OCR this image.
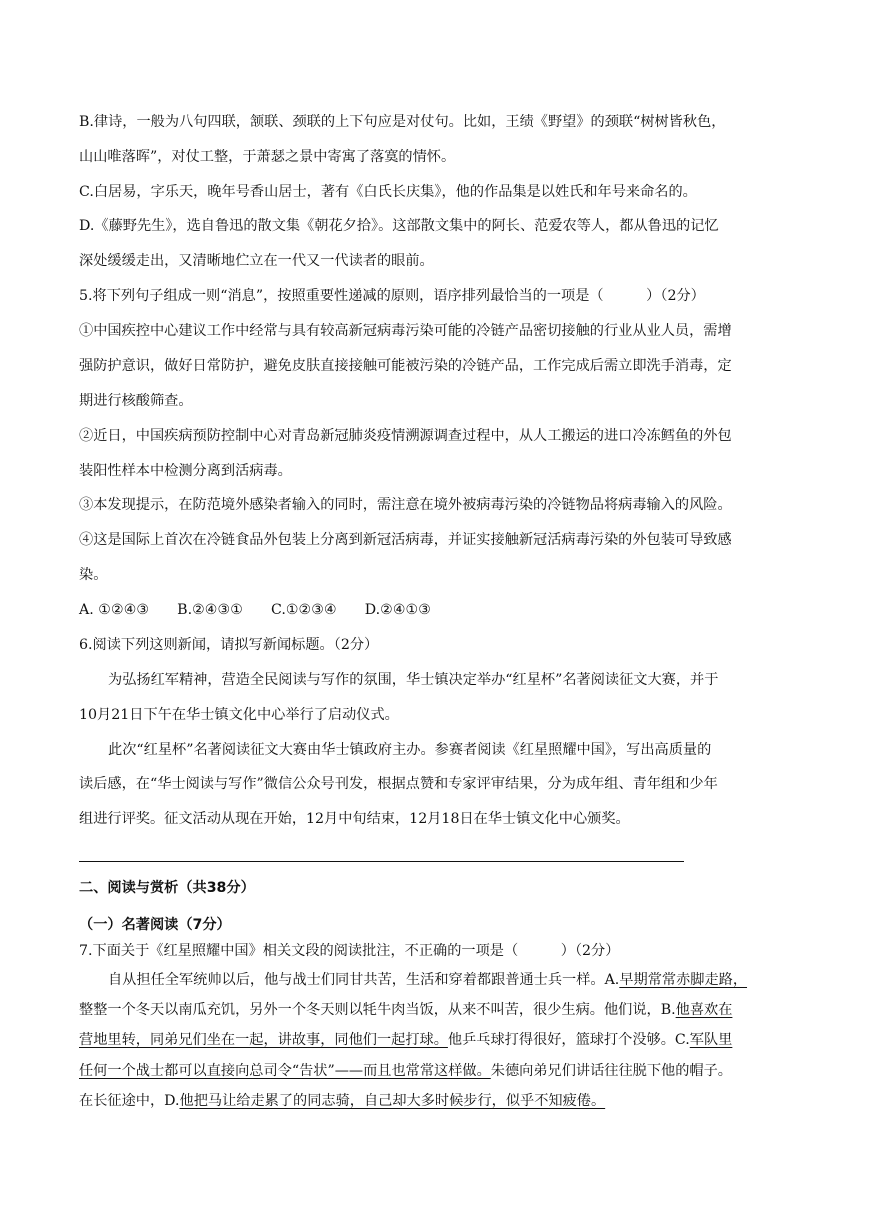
B.律诗，一般为八句四联，颔联、颈联的上下句应是对仗句。比如，王绩《野望》的颈联“树树皆秋色，
山山唯落晖”，对仗工整，于萧瑟之景中寄寓了落寞的情怀。
C.白居易，字乐天，晚年号香山居士，著有《白氏长庆集》，他的作品集是以姓氏和年号来命名的。
D.《藤野先生》，选自鲁迅的散文集《朝花夕拾》。这部散文集中的阿长、范爱农等人，都从鲁迅的记忆
深处缓缓走出，又清晰地伫立在一代又一代读者的眼前。
5.将下列句子组成一则“消息”，按照重要性递减的原则，语序排列最恰当的一项是（　　　）（2分）
①中国疾控中心建议工作中经常与具有较高新冠病毒污染可能的冷链产品密切接触的行业从业人员，需增
强防护意识，做好日常防护，避免皮肤直接接触可能被污染的冷链产品，工作完成后需立即洗手消毒，定
期进行核酸筛查。
②近日，中国疾病预防控制中心对青岛新冠肺炎疫情溯源调查过程中，从人工搬运的进口冷冻鳕鱼的外包
装阳性样本中检测分离到活病毒。
③本发现提示，在防范境外感染者输入的同时，需注意在境外被病毒污染的冷链物品将病毒输入的风险。
④这是国际上首次在冷链食品外包装上分离到新冠活病毒，并证实接触新冠活病毒污染的外包装可导致感
染。
A. ①②④③ B.②④③① C.①②③④ D.②④①③
6.阅读下列这则新闻，请拟写新闻标题。（2分）
为弘扬红军精神，营造全民阅读与写作的氛围，华士镇决定举办“红星杯”名著阅读征文大赛，并于
10月21日下午在华士镇文化中心举行了启动仪式。
此次“红星杯”名著阅读征文大赛由华士镇政府主办。参赛者阅读《红星照耀中国》，写出高质量的
读后感，在“华士阅读与写作”微信公众号刊发，根据点赞和专家评审结果，分为成年组、青年组和少年
组进行评奖。征文活动从现在开始，12月中旬结束，12月18日在华士镇文化中心颁奖。
二、阅读与赏析（共38分）
（一）名著阅读（7分）
7.下面关于《红星照耀中国》相关文段的阅读批注，不正确的一项是（　　　）（2分）
自从担任全军统帅以后，他与战士们同甘共苦，生活和穿着都跟普通士兵一样。A.早期常常赤脚走路，
整整一个冬天以南瓜充饥，另外一个冬天则以牦牛肉当饭，从来不叫苦，很少生病。他们说，B.他喜欢在
营地里转，同弟兄们坐在一起，讲故事，同他们一起打球。他乒乓球打得很好，篮球打个没够。C.军队里
任何一个战士都可以直接向总司令“告状”——而且也常常这样做。朱德向弟兄们讲话往往脱下他的帽子。
在长征途中，D.他把马让给走累了的同志骑，自己却大多时候步行，似乎不知疲倦。
